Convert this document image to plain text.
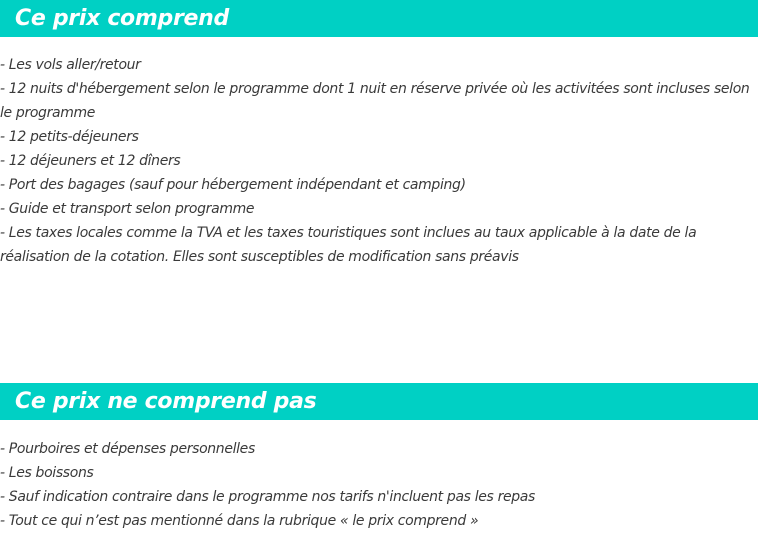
Ce prix comprend
- Les vols aller/retour
- 12 nuits d'hébergement selon le programme dont 1 nuit en réserve privée où les activitées sont incluses selon le programme
- 12 petits-déjeuners
- 12 déjeuners et 12 dîners
- Port des bagages (sauf pour hébergement indépendant et camping)
- Guide et transport selon programme
- Les taxes locales comme la TVA et les taxes touristiques sont inclues au taux applicable à la date de la réalisation de la cotation. Elles sont susceptibles de modification sans préavis
Ce prix ne comprend pas
- Pourboires et dépenses personnelles
- Les boissons
- Sauf indication contraire dans le programme nos tarifs n'incluent pas les repas
- Tout ce qui n’est pas mentionné dans la rubrique « le prix comprend »
